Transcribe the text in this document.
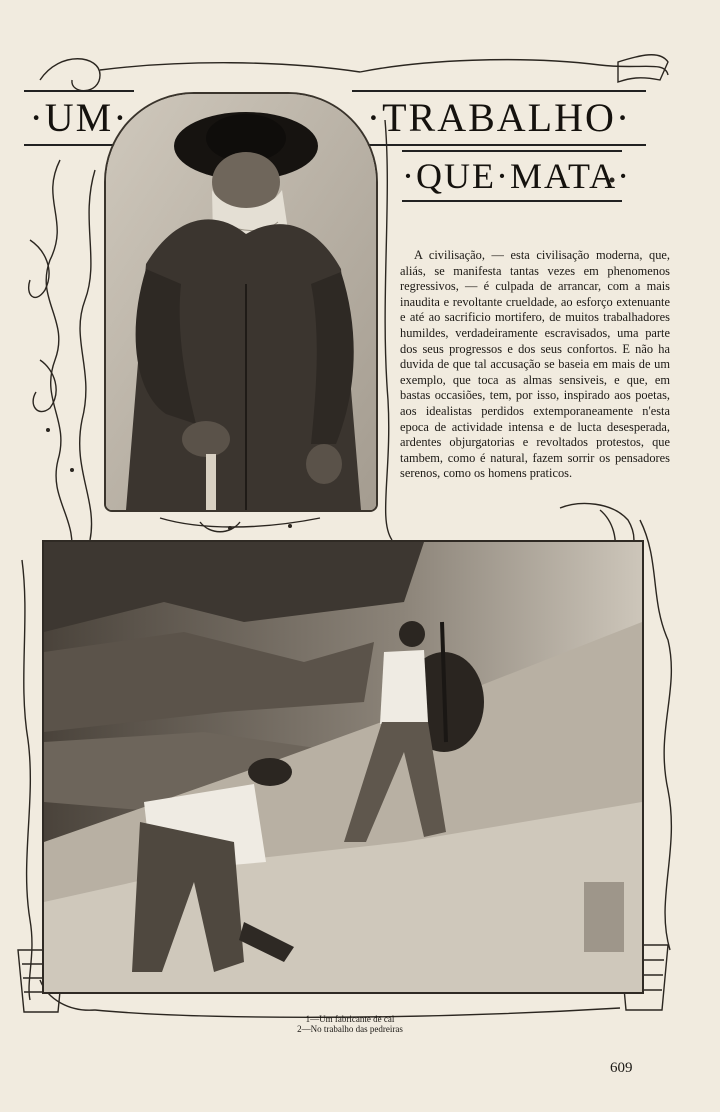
·UM·	·TRABALHO·
·QUE·MATA·

A civilisação, — esta civilisação moderna, que, aliás, se manifesta tantas vezes em phenomenos regressivos, — é culpada de arrancar, com a mais inaudita e revoltante crueldade, ao esforço extenuante e até ao sacrificio mortifero, de muitos trabalhadores humildes, verdadeiramente escravisados, uma parte dos seus progressos e dos seus confortos. E não ha duvida de que tal accusação se baseia em mais de um exemplo, que toca as almas sensiveis, e que, em bastas occasiões, tem, por isso, inspirado aos poetas, aos idealistas perdidos extemporaneamente n'esta epoca de actividade intensa e de lucta desesperada, ardentes objurgatorias e revoltados protestos, que tambem, como é natural, fazem sorrir os pensadores serenos, como os homens praticos.

1—Um fabricante de cal
2—No trabalho das pedreiras
609
